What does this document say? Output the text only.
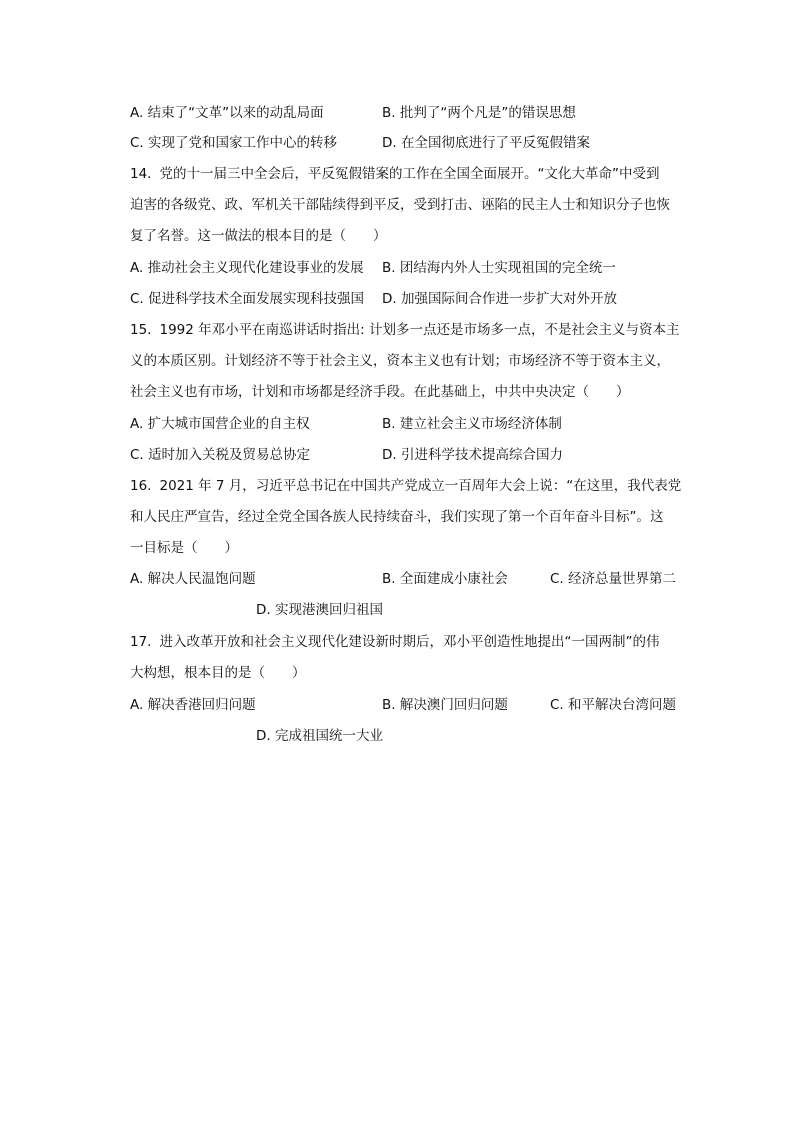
A. 结束了“文革”以来的动乱局面	B. 批判了“两个凡是”的错误思想
C. 实现了党和国家工作中心的转移	D. 在全国彻底进行了平反冤假错案
14. 党的十一届三中全会后，平反冤假错案的工作在全国全面展开。“文化大革命”中受到
迫害的各级党、政、军机关干部陆续得到平反，受到打击、诬陷的民主人士和知识分子也恢
复了名誉。这一做法的根本目的是（　　）
A. 推动社会主义现代化建设事业的发展 B. 团结海内外人士实现祖国的完全统一
C. 促进科学技术全面发展实现科技强国 D. 加强国际间合作进一步扩大对外开放
15. 1992 年邓小平在南巡讲话时指出: 计划多一点还是市场多一点，不是社会主义与资本主
义的本质区别。计划经济不等于社会主义，资本主义也有计划；市场经济不等于资本主义，
社会主义也有市场，计划和市场都是经济手段。在此基础上，中共中央决定（　　）
A. 扩大城市国营企业的自主权	B. 建立社会主义市场经济体制
C. 适时加入关税及贸易总协定	D. 引进科学技术提高综合国力
16. 2021 年 7 月，习近平总书记在中国共产党成立一百周年大会上说：“在这里，我代表党
和人民庄严宣告，经过全党全国各族人民持续奋斗，我们实现了第一个百年奋斗目标”。这
一目标是（　　）
A. 解决人民温饱问题	B. 全面建成小康社会	C. 经济总量世界第二
D. 实现港澳回归祖国
17. 进入改革开放和社会主义现代化建设新时期后，邓小平创造性地提出“一国两制”的伟
大构想，根本目的是（　　）
A. 解决香港回归问题	B. 解决澳门回归问题	C. 和平解决台湾问题
D. 完成祖国统一大业
